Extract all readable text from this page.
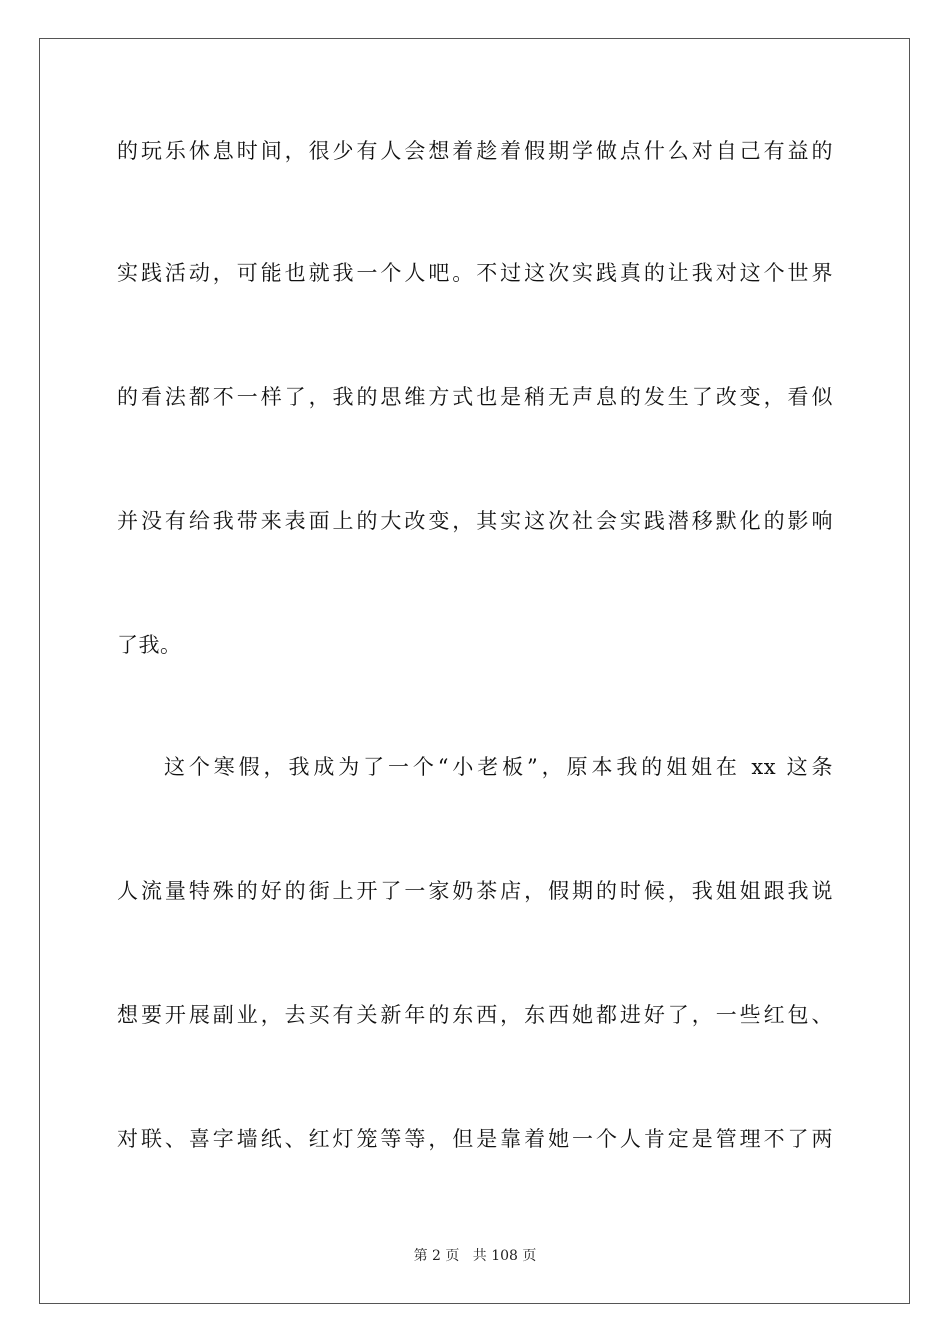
的玩乐休息时间，很少有人会想着趁着假期学做点什么对自己有益的
实践活动，可能也就我一个人吧。不过这次实践真的让我对这个世界
的看法都不一样了，我的思维方式也是稍无声息的发生了改变，看似
并没有给我带来表面上的大改变，其实这次社会实践潜移默化的影响
了我。
这个寒假，我成为了一个“小老板”，原本我的姐姐在 xx 这条
人流量特殊的好的街上开了一家奶茶店，假期的时候，我姐姐跟我说
想要开展副业，去买有关新年的东西，东西她都进好了，一些红包、
对联、喜字墙纸、红灯笼等等，但是靠着她一个人肯定是管理不了两
第 2 页 共 108 页
